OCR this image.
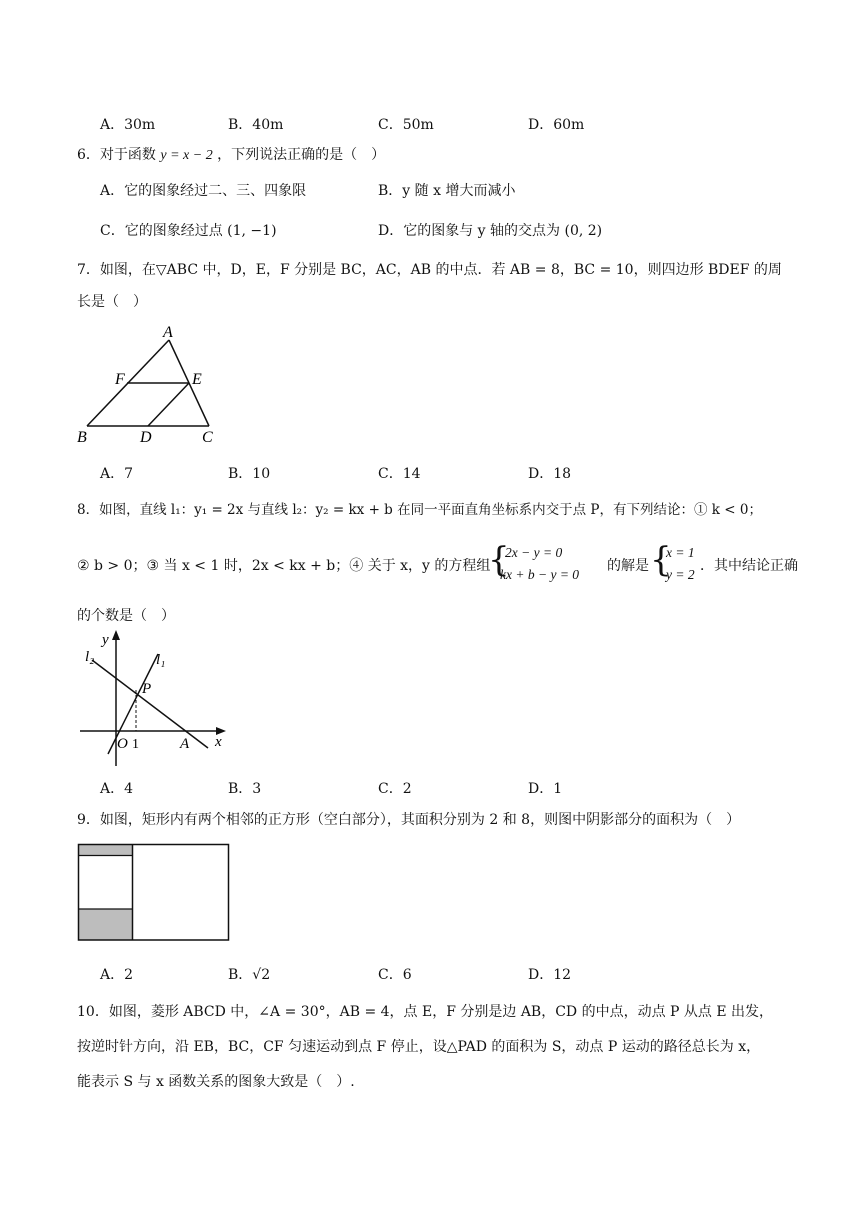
A．30m	B．40m	C．50m	D．60m
6．对于函数 y = x − 2 ，下列说法正确的是（　）
A．它的图象经过二、三、四象限	B．y 随 x 增大而减小
C．它的图象经过点 (1, −1)	D．它的图象与 y 轴的交点为 (0, 2)
7．如图，在▽ABC 中，D，E，F 分别是 BC，AC，AB 的中点．若 AB = 8，BC = 10，则四边形 BDEF 的周
长是（　）
A
F	E
B	D	C
A．7	B．10	C．14	D．18
8．如图，直线 l₁：y₁ = 2x 与直线 l₂：y₂ = kx + b 在同一平面直角坐标系内交于点 P，有下列结论：① k < 0；
② b > 0；③ 当 x < 1 时，2x < kx + b；④ 关于 x，y 的方程组
{
2x − y = 0
kx + b − y = 0
的解是 {
x = 1
y = 2
．其中结论正确
的个数是（　）
y
x
O 1	A
P
l₁
l₂
A．4	B．3	C．2	D．1
9．如图，矩形内有两个相邻的正方形（空白部分），其面积分别为 2 和 8，则图中阴影部分的面积为（　）
A．2	B．√2	C．6	D．12
10．如图，菱形 ABCD 中，∠A = 30°，AB = 4，点 E，F 分别是边 AB，CD 的中点，动点 P 从点 E 出发，
按逆时针方向，沿 EB，BC，CF 匀速运动到点 F 停止，设△PAD 的面积为 S，动点 P 运动的路径总长为 x，
能表示 S 与 x 函数关系的图象大致是（　）.
